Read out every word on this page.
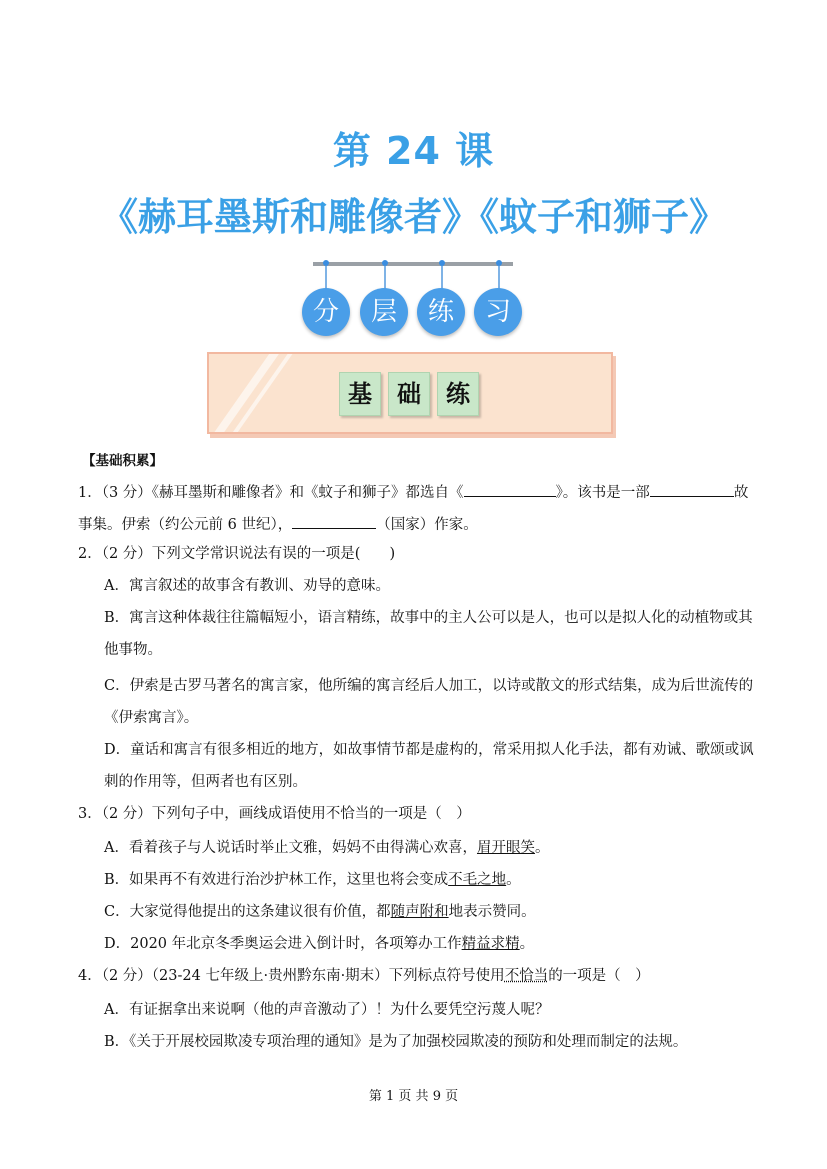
第 24 课
《赫耳墨斯和雕像者》《蚊子和狮子》
分	层	练	习
基	础	练
【基础积累】
1．（3 分）《赫耳墨斯和雕像者》和《蚊子和狮子》都选自《	》。该书是一部	故
事集。伊索（约公元前 6 世纪），	（国家）作家。
2．（2 分）下列文学常识说法有误的一项是(　　)
A．寓言叙述的故事含有教训、劝导的意味。
B．寓言这种体裁往往篇幅短小，语言精练，故事中的主人公可以是人，也可以是拟人化的动植物或其
他事物。
C．伊索是古罗马著名的寓言家，他所编的寓言经后人加工，以诗或散文的形式结集，成为后世流传的
《伊索寓言》。
D．童话和寓言有很多相近的地方，如故事情节都是虚构的，常采用拟人化手法，都有劝诫、歌颂或讽
刺的作用等，但两者也有区别。
3．（2 分）下列句子中，画线成语使用不恰当的一项是（　）
A．看着孩子与人说话时举止文雅，妈妈不由得满心欢喜，眉开眼笑。
B．如果再不有效进行治沙护林工作，这里也将会变成不毛之地。
C．大家觉得他提出的这条建议很有价值，都随声附和地表示赞同。
D．2020 年北京冬季奥运会进入倒计时，各项筹办工作精益求精。
4．（2 分）（23-24 七年级上·贵州黔东南·期末）下列标点符号使用不恰当的一项是（　）
A．有证据拿出来说啊（他的声音激动了）！为什么要凭空污蔑人呢？
B．《关于开展校园欺凌专项治理的通知》是为了加强校园欺凌的预防和处理而制定的法规。
第 1 页 共 9 页
